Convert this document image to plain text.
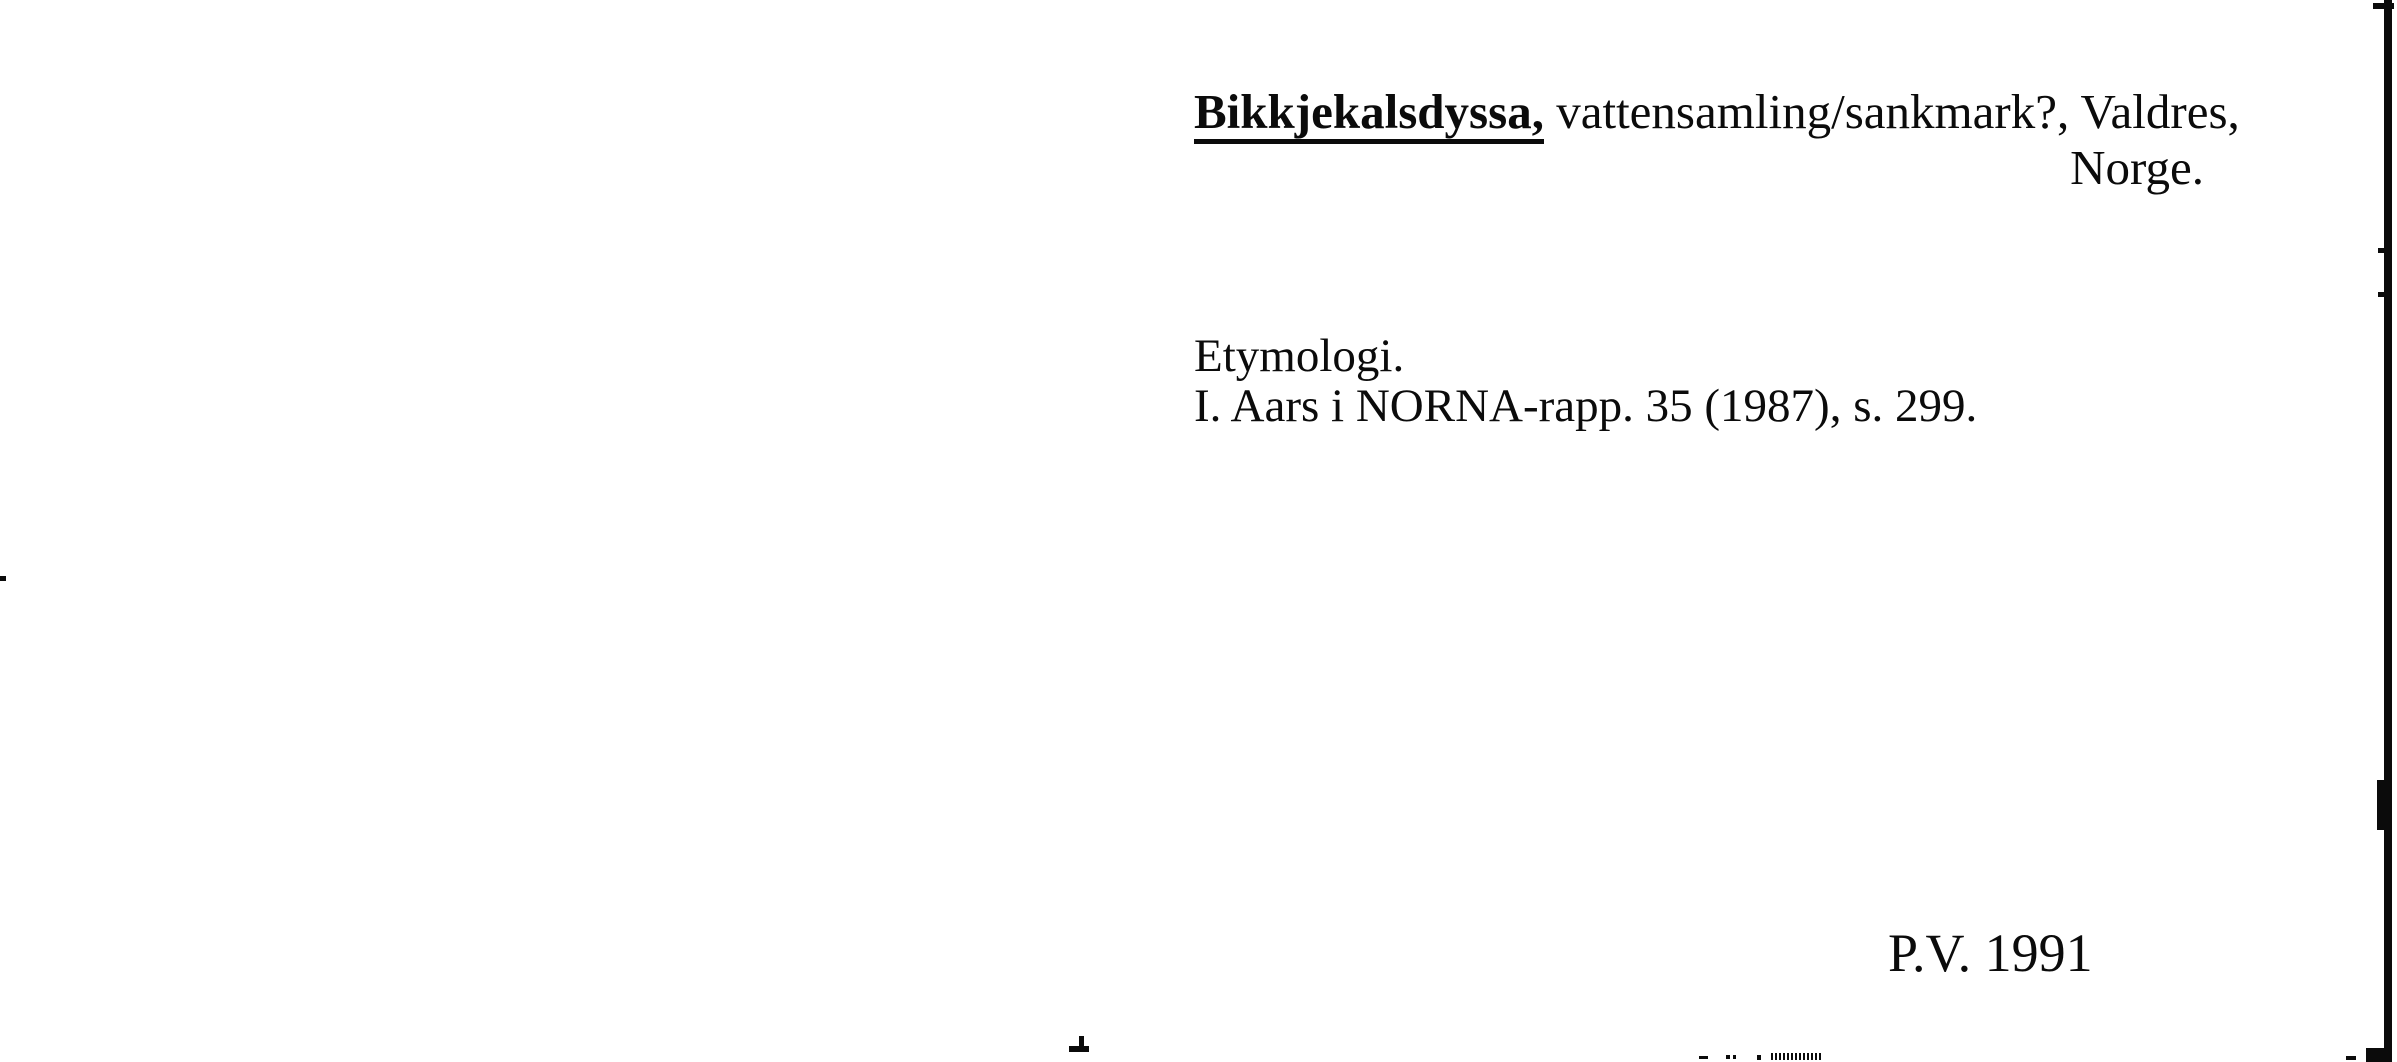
Bikkjekalsdyssa, vattensamling/sankmark?, Valdres,
Norge.
Etymologi.
I. Aars i NORNA-rapp. 35 (1987), s. 299.
P.V. 1991
